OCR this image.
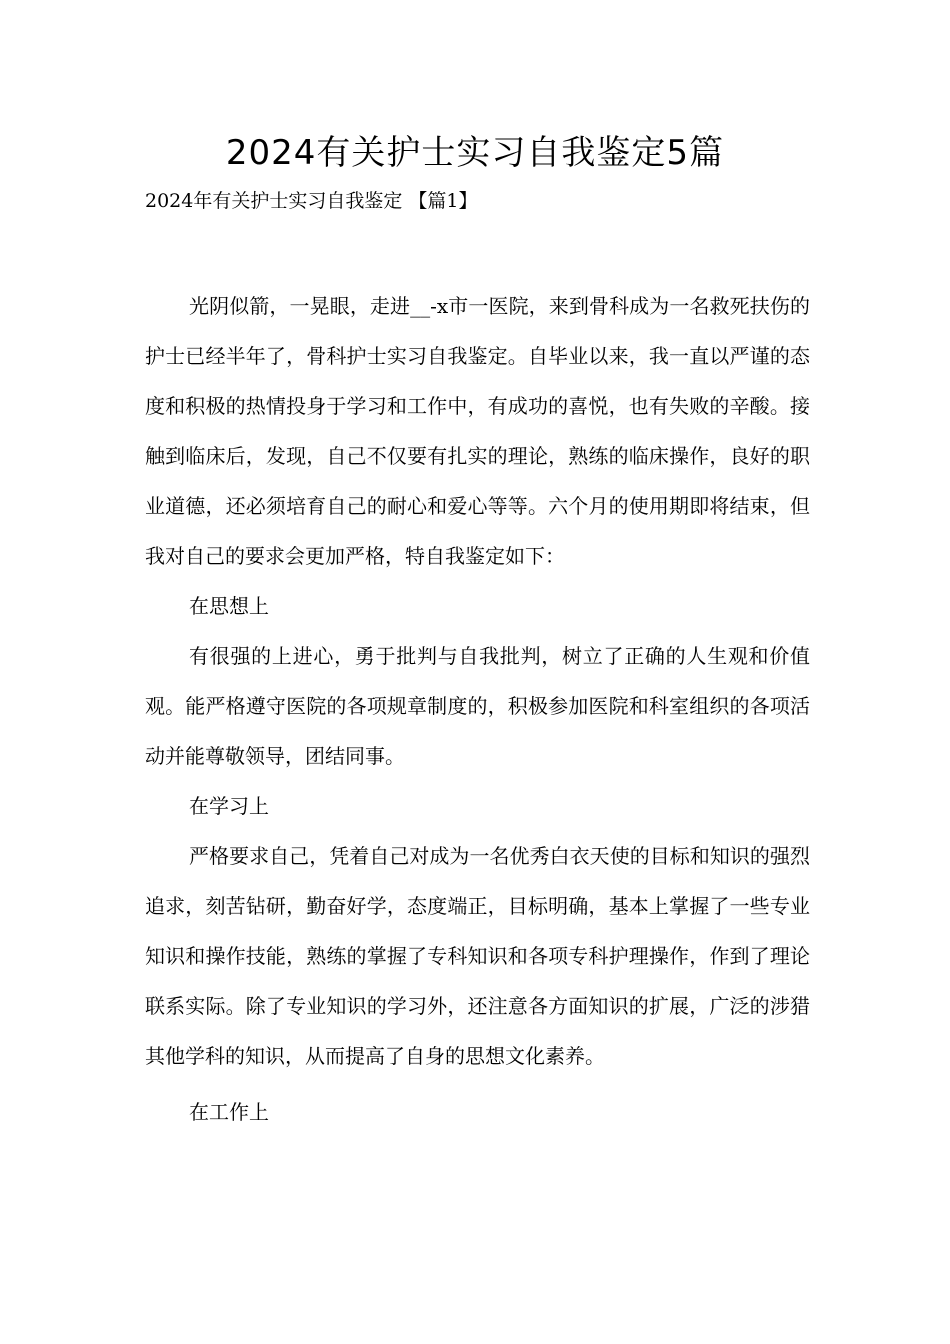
2024有关护士实习自我鉴定5篇

2024年有关护士实习自我鉴定 【篇1】

光阴似箭，一晃眼，走进__-x市一医院，来到骨科成为一名救死扶伤的护士已经半年了，骨科护士实习自我鉴定。自毕业以来，我一直以严谨的态度和积极的热情投身于学习和工作中，有成功的喜悦，也有失败的辛酸。接触到临床后，发现，自己不仅要有扎实的理论，熟练的临床操作，良好的职业道德，还必须培育自己的耐心和爱心等等。六个月的使用期即将结束，但我对自己的要求会更加严格，特自我鉴定如下：

在思想上

有很强的上进心，勇于批判与自我批判，树立了正确的人生观和价值观。能严格遵守医院的各项规章制度的，积极参加医院和科室组织的各项活动并能尊敬领导，团结同事。

在学习上

严格要求自己，凭着自己对成为一名优秀白衣天使的目标和知识的强烈追求，刻苦钻研，勤奋好学，态度端正，目标明确，基本上掌握了一些专业知识和操作技能，熟练的掌握了专科知识和各项专科护理操作，作到了理论联系实际。除了专业知识的学习外，还注意各方面知识的扩展，广泛的涉猎其他学科的知识，从而提高了自身的思想文化素养。

在工作上
